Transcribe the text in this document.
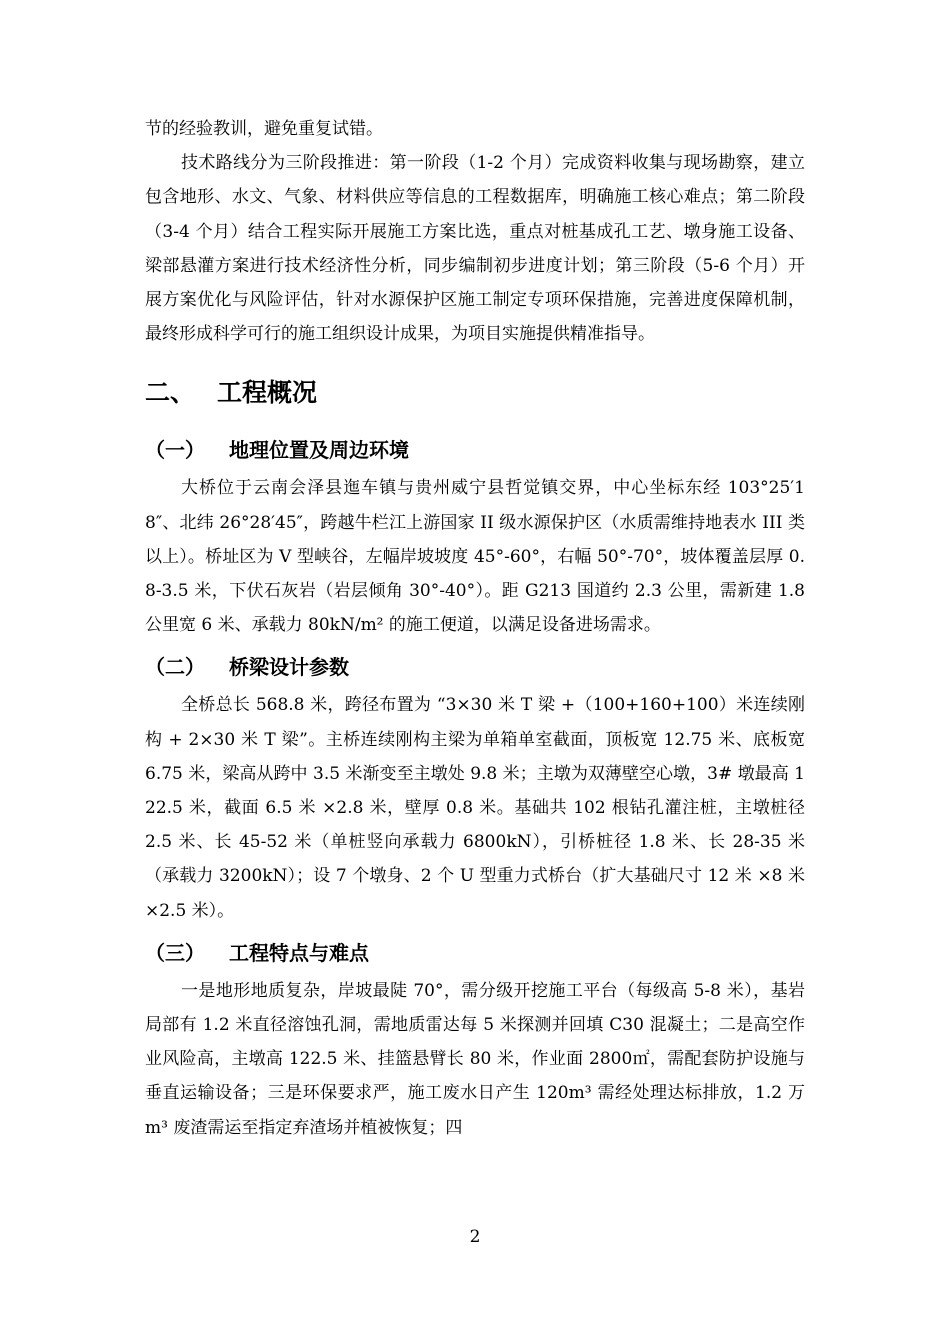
节的经验教训，避免重复试错。

技术路线分为三阶段推进：第一阶段（1-2 个月）完成资料收集与现场勘察，建立包含地形、水文、气象、材料供应等信息的工程数据库，明确施工核心难点；第二阶段（3-4 个月）结合工程实际开展施工方案比选，重点对桩基成孔工艺、墩身施工设备、梁部悬灌方案进行技术经济性分析，同步编制初步进度计划；第三阶段（5-6 个月）开展方案优化与风险评估，针对水源保护区施工制定专项环保措施，完善进度保障机制，最终形成科学可行的施工组织设计成果，为项目实施提供精准指导。

二、 工程概况
（一）	地理位置及周边环境

大桥位于云南会泽县迤车镇与贵州威宁县哲觉镇交界，中心坐标东经 103°25′18″、北纬 26°28′45″，跨越牛栏江上游国家 II 级水源保护区（水质需维持地表水 III 类以上）。桥址区为 V 型峡谷，左幅岸坡坡度 45°-60°，右幅 50°-70°，坡体覆盖层厚 0.8-3.5 米，下伏石灰岩（岩层倾角 30°-40°）。距 G213 国道约 2.3 公里，需新建 1.8 公里宽 6 米、承载力 80kN/m² 的施工便道，以满足设备进场需求。

（二）	桥梁设计参数

全桥总长 568.8 米，跨径布置为 “3×30 米 T 梁 +（100+160+100）米连续刚构 + 2×30 米 T 梁”。主桥连续刚构主梁为单箱单室截面，顶板宽 12.75 米、底板宽 6.75 米，梁高从跨中 3.5 米渐变至主墩处 9.8 米；主墩为双薄壁空心墩，3# 墩最高 122.5 米，截面 6.5 米 ×2.8 米，壁厚 0.8 米。基础共 102 根钻孔灌注桩，主墩桩径 2.5 米、长 45-52 米（单桩竖向承载力 6800kN），引桥桩径 1.8 米、长 28-35 米（承载力 3200kN）；设 7 个墩身、2 个 U 型重力式桥台（扩大基础尺寸 12 米 ×8 米 ×2.5 米）。

（三）	工程特点与难点

一是地形地质复杂，岸坡最陡 70°，需分级开挖施工平台（每级高 5-8 米），基岩局部有 1.2 米直径溶蚀孔洞，需地质雷达每 5 米探测并回填 C30 混凝土；二是高空作业风险高，主墩高 122.5 米、挂篮悬臂长 80 米，作业面 2800㎡，需配套防护设施与垂直运输设备；三是环保要求严，施工废水日产生 120m³ 需经处理达标排放，1.2 万 m³ 废渣需运至指定弃渣场并植被恢复；四

2
